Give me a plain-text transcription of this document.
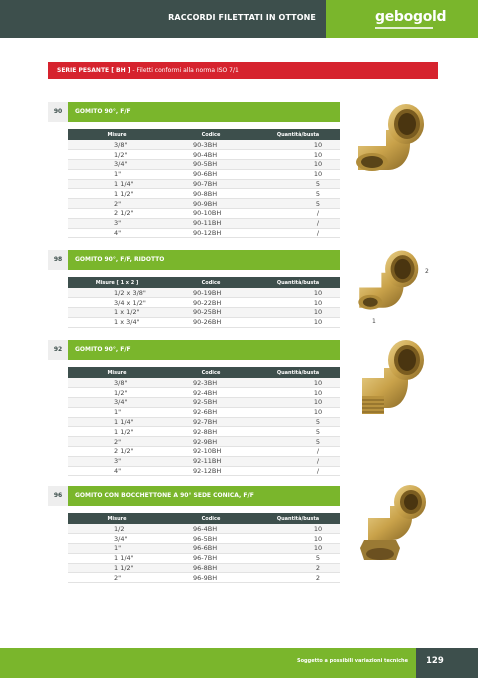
RACCORDI FILETTATI IN OTTONE	gebogold
SERIE PESANTE [ BH ] - Filetti conformi alla norma ISO 7/1
90	GOMITO 90°, F/F
Misure	Codice	Quantità/busta
3/8"	90-3BH	10
1/2"	90-4BH	10
3/4"	90-5BH	10
1"	90-6BH	10
1 1/4"	90-7BH	5
1 1/2"	90-8BH	5
2"	90-9BH	5
2 1/2"	90-10BH	/
3"	90-11BH	/
4"	90-12BH	/
98	GOMITO 90°, F/F, RIDOTTO
Misure [ 1 x 2 ]	Codice	Quantità/busta
1/2 x 3/8"	90-19BH	10
3/4 x 1/2"	90-22BH	10
1 x 1/2"	90-25BH	10
1 x 3/4"	90-26BH	10
92	GOMITO 90°, F/F
Misure	Codice	Quantità/busta
3/8"	92-3BH	10
1/2"	92-4BH	10
3/4"	92-5BH	10
1"	92-6BH	10
1 1/4"	92-7BH	5
1 1/2"	92-8BH	5
2"	92-9BH	5
2 1/2"	92-10BH	/
3"	92-11BH	/
4"	92-12BH	/
96	GOMITO CON BOCCHETTONE A 90° SEDE CONICA, F/F
Misure	Codice	Quantità/busta
1/2	96-4BH	10
3/4"	96-5BH	10
1"	96-6BH	10
1 1/4"	96-7BH	5
1 1/2"	96-8BH	2
2"	96-9BH	2
2
1
Soggetto a possibili variazioni tecniche 129
